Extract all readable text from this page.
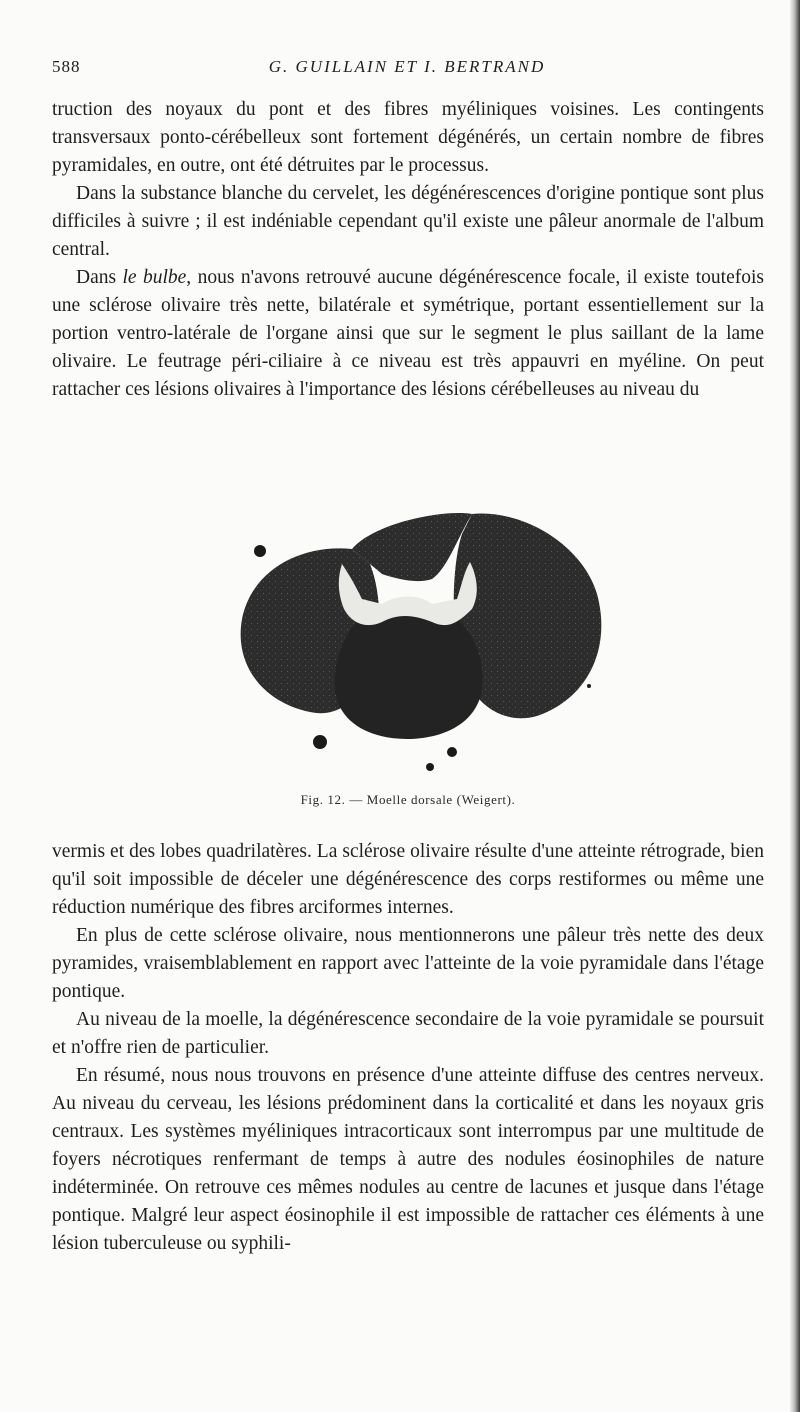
588	G. GUILLAIN ET I. BERTRAND

truction des noyaux du pont et des fibres myéliniques voisines. Les contingents transversaux ponto-cérébelleux sont fortement dégénérés, un certain nombre de fibres pyramidales, en outre, ont été détruites par le processus.

Dans la substance blanche du cervelet, les dégénérescences d'origine pontique sont plus difficiles à suivre ; il est indéniable cependant qu'il existe une pâleur anormale de l'album central.

Dans le bulbe, nous n'avons retrouvé aucune dégénérescence focale, il existe toutefois une sclérose olivaire très nette, bilatérale et symétrique, portant essentiellement sur la portion ventro-latérale de l'organe ainsi que sur le segment le plus saillant de la lame olivaire. Le feutrage péri-ciliaire à ce niveau est très appauvri en myéline. On peut rattacher ces lésions olivaires à l'importance des lésions cérébelleuses au niveau du

Fig. 12. — Moelle dorsale (Weigert).

vermis et des lobes quadrilatères. La sclérose olivaire résulte d'une atteinte rétrograde, bien qu'il soit impossible de déceler une dégénérescence des corps restiformes ou même une réduction numérique des fibres arciformes internes.

En plus de cette sclérose olivaire, nous mentionnerons une pâleur très nette des deux pyramides, vraisemblablement en rapport avec l'atteinte de la voie pyramidale dans l'étage pontique.

Au niveau de la moelle, la dégénérescence secondaire de la voie pyramidale se poursuit et n'offre rien de particulier.

En résumé, nous nous trouvons en présence d'une atteinte diffuse des centres nerveux. Au niveau du cerveau, les lésions prédominent dans la corticalité et dans les noyaux gris centraux. Les systèmes myéliniques intracorticaux sont interrompus par une multitude de foyers nécrotiques renfermant de temps à autre des nodules éosinophiles de nature indéterminée. On retrouve ces mêmes nodules au centre de lacunes et jusque dans l'étage pontique. Malgré leur aspect éosinophile il est impossible de rattacher ces éléments à une lésion tuberculeuse ou syphili-
